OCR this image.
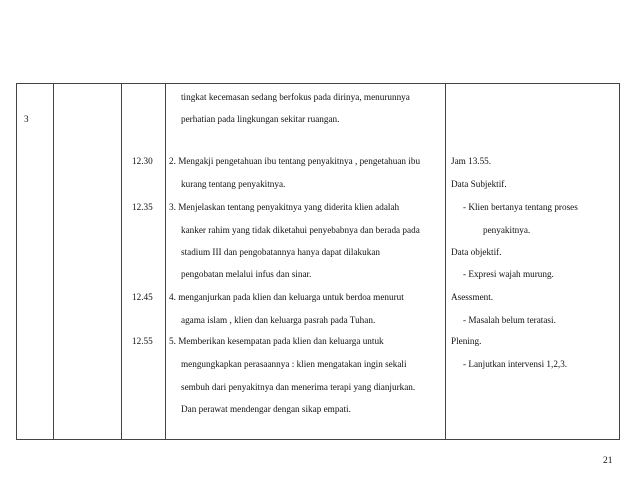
3
12.30
12.35
12.45
12.55
tingkat kecemasan sedang berfokus pada dirinya, menurunnya
perhatian pada lingkungan sekitar ruangan.
2. Mengakji pengetahuan ibu tentang penyakitnya , pengetahuan ibu
kurang tentang penyakitnya.
3. Menjelaskan tentang penyakitnya yang diderita klien adalah
kanker rahim yang tidak diketahui penyebabnya dan berada pada
stadium III dan pengobatannya hanya dapat dilakukan
pengobatan melalui infus dan sinar.
4. menganjurkan pada klien dan keluarga untuk berdoa menurut
agama islam , klien dan keluarga pasrah pada Tuhan.
5. Memberikan kesempatan pada klien dan keluarga untuk
mengungkapkan perasaannya : klien mengatakan ingin sekali
sembuh dari penyakitnya dan menerima terapi yang dianjurkan.
Dan perawat mendengar dengan sikap empati.
Jam 13.55.
Data Subjektif.
- Klien bertanya tentang proses
penyakitnya.
Data objektif.
- Expresi wajah murung.
Asessment.
- Masalah belum teratasi.
Plening.
- Lanjutkan intervensi 1,2,3.
21
